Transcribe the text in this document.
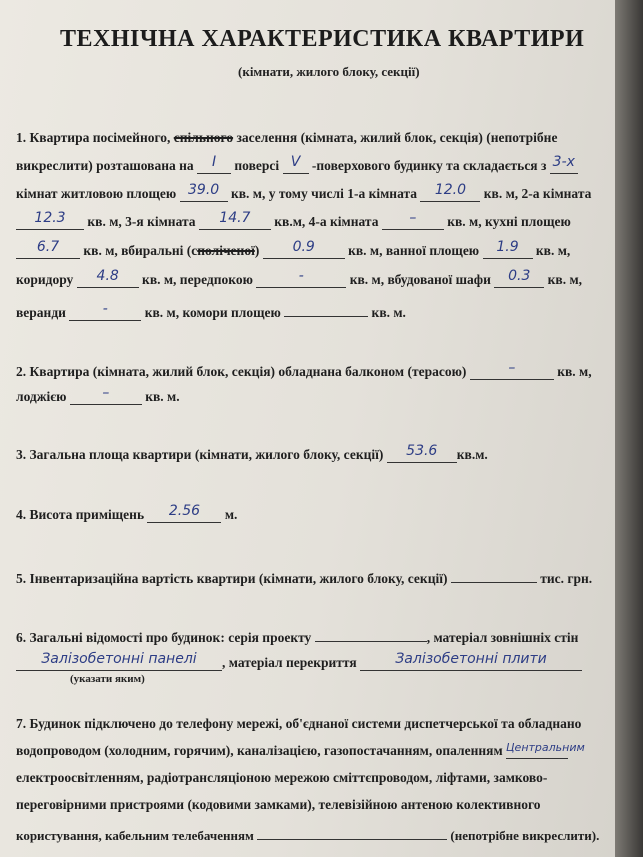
ТЕХНІЧНА ХАРАКТЕРИСТИКА КВАРТИРИ
(кімнати, жилого блоку, секції)
1. Квартира посімейного, спільного заселення (кімната, жилий блок, секція) (непотрібне
викреслити) розташована на I поверсі V -поверхового будинку та складається з 3-х
кімнат житловою площею 39.0 кв. м, у тому числі 1-а кімната 12.0 кв. м, 2-а кімната
12.3 кв. м, 3-я кімната 14.7 кв.м, 4-а кімната – кв. м, кухні площею
6.7 кв. м, вбиральні (споліченої) 0.9 кв. м, ванної площею 1.9 кв. м,
коридору 4.8 кв. м, передпокою	-	кв. м, вбудованої шафи 0.3 кв. м,
веранди	-	кв. м, комори площею	кв. м.
2. Квартира (кімната, жилий блок, секція) обладнана балконом (терасою)	–	кв. м,
лоджією	–	кв. м.
3. Загальна площа квартири (кімнати, жилого блоку, секції) 53.6 кв.м.
4. Висота приміщень 2.56 м.
5. Інвентаризаційна вартість квартири (кімнати, жилого блоку, секції)	тис. грн.
6. Загальні відомості про будинок: серія проекту	, матеріал зовнішніх стін
Залізобетонні панелі , матеріал перекриття	Залізобетонні плити
(указати яким)
7. Будинок підключено до телефону мережі, об'єднаної системи диспетчерської та обладнано
водопроводом (холодним, горячим), каналізацією, газопостачанням, опаленням $^{Центральним}$
електроосвітленням, радіотрансляціоною мережою сміттєпроводом, ліфтами, замково-
переговірними пристроями (кодовими замками), телевізійною антеною колективного
користування, кабельним телебаченням	(непотрібне викреслити).
